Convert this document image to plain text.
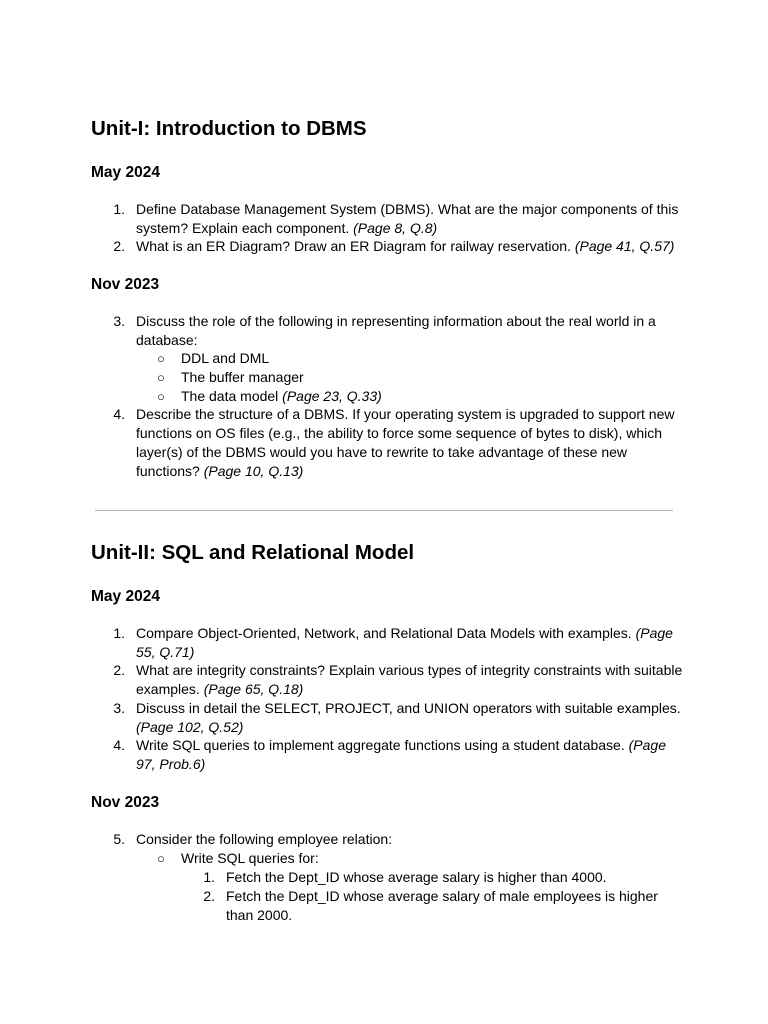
Unit-I: Introduction to DBMS
May 2024
1. Define Database Management System (DBMS). What are the major components of this
system? Explain each component. (Page 8, Q.8)
2. What is an ER Diagram? Draw an ER Diagram for railway reservation. (Page 41, Q.57)
Nov 2023
3. Discuss the role of the following in representing information about the real world in a
database:
○ DDL and DML
○ The buffer manager
○ The data model (Page 23, Q.33)
4. Describe the structure of a DBMS. If your operating system is upgraded to support new
functions on OS files (e.g., the ability to force some sequence of bytes to disk), which
layer(s) of the DBMS would you have to rewrite to take advantage of these new
functions? (Page 10, Q.13)
Unit-II: SQL and Relational Model
May 2024
1. Compare Object-Oriented, Network, and Relational Data Models with examples. (Page
55, Q.71)
2. What are integrity constraints? Explain various types of integrity constraints with suitable
examples. (Page 65, Q.18)
3. Discuss in detail the SELECT, PROJECT, and UNION operators with suitable examples.
(Page 102, Q.52)
4. Write SQL queries to implement aggregate functions using a student database. (Page
97, Prob.6)
Nov 2023
5. Consider the following employee relation:
○ Write SQL queries for:
1. Fetch the Dept_ID whose average salary is higher than 4000.
2. Fetch the Dept_ID whose average salary of male employees is higher
than 2000.
